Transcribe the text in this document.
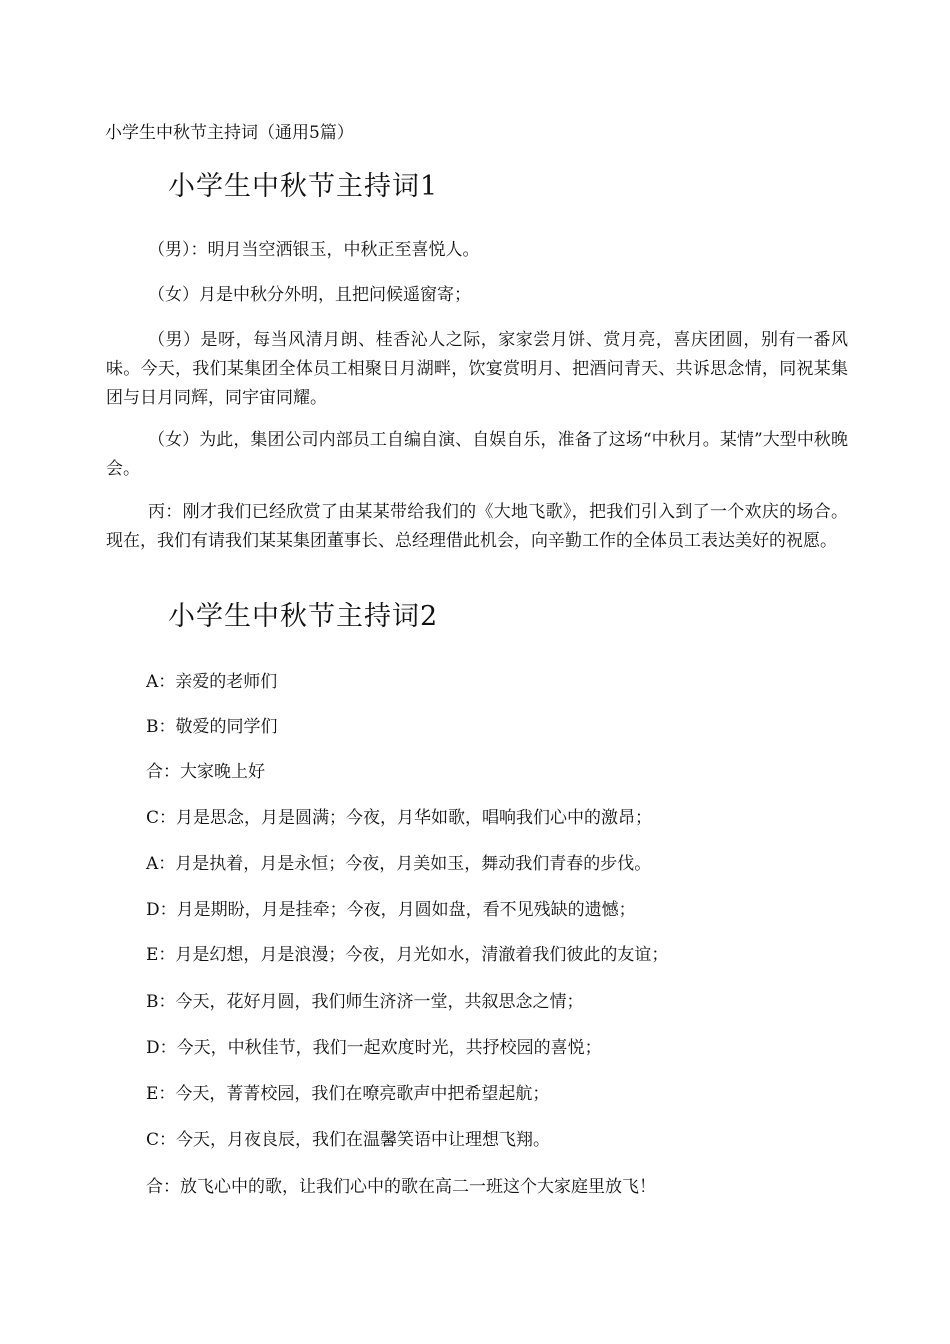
小学生中秋节主持词（通用5篇）
小学生中秋节主持词1

（男）：明月当空洒银玉，中秋正至喜悦人。

（女）月是中秋分外明，且把问候遥窗寄；

（男）是呀，每当风清月朗、桂香沁人之际，家家尝月饼、赏月亮，喜庆团圆，别有一番风味。今天，我们某集团全体员工相聚日月湖畔，饮宴赏明月、把酒问青天、共诉思念情，同祝某集团与日月同辉，同宇宙同耀。

（女）为此，集团公司内部员工自编自演、自娱自乐，准备了这场“中秋月。某情”大型中秋晚会。

丙：刚才我们已经欣赏了由某某带给我们的《大地飞歌》，把我们引入到了一个欢庆的场合。现在，我们有请我们某某集团董事长、总经理借此机会，向辛勤工作的全体员工表达美好的祝愿。

小学生中秋节主持词2

A：亲爱的老师们

B：敬爱的同学们

合：大家晚上好

C：月是思念，月是圆满；今夜，月华如歌，唱响我们心中的激昂；

A：月是执着，月是永恒；今夜，月美如玉，舞动我们青春的步伐。

D：月是期盼，月是挂牵；今夜，月圆如盘，看不见残缺的遗憾；

E：月是幻想，月是浪漫；今夜，月光如水，清澈着我们彼此的友谊；

B：今天，花好月圆，我们师生济济一堂，共叙思念之情；

D：今天，中秋佳节，我们一起欢度时光，共抒校园的喜悦；

E：今天，菁菁校园，我们在嘹亮歌声中把希望起航；

C：今天，月夜良辰，我们在温馨笑语中让理想飞翔。

合：放飞心中的歌，让我们心中的歌在高二一班这个大家庭里放飞！
